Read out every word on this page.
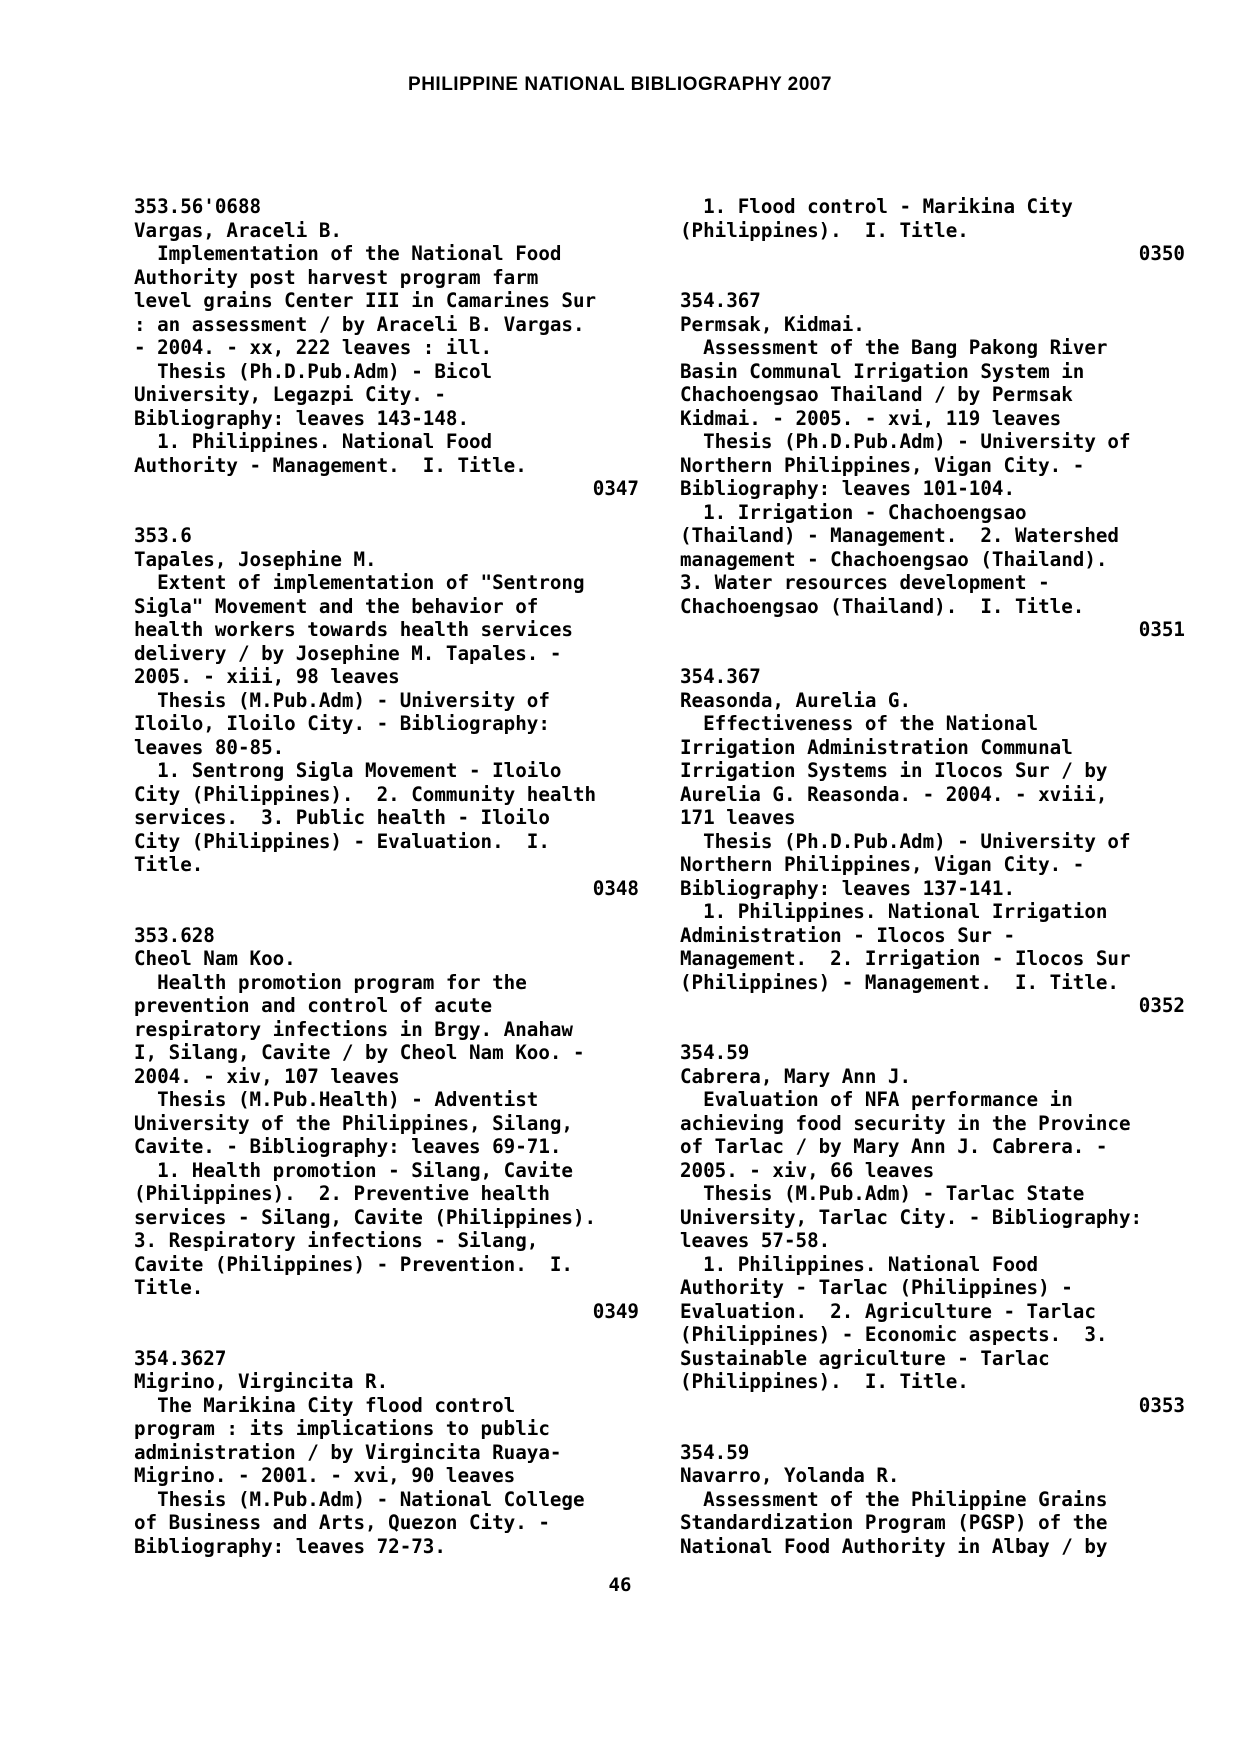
PHILIPPINE NATIONAL BIBLIOGRAPHY 2007
353.56'0688
Vargas, Araceli B.
Implementation of the National Food
Authority post harvest program farm
level grains Center III in Camarines Sur
: an assessment / by Araceli B. Vargas.
- 2004. - xx, 222 leaves : ill.
Thesis (Ph.D.Pub.Adm) - Bicol
University, Legazpi City. -
Bibliography: leaves 143-148.
1. Philippines. National Food
Authority - Management.  I. Title.
0347
353.6
Tapales, Josephine M.
Extent of implementation of "Sentrong
Sigla" Movement and the behavior of
health workers towards health services
delivery / by Josephine M. Tapales. -
2005. - xiii, 98 leaves
Thesis (M.Pub.Adm) - University of
Iloilo, Iloilo City. - Bibliography:
leaves 80-85.
1. Sentrong Sigla Movement - Iloilo
City (Philippines).  2. Community health
services.  3. Public health - Iloilo
City (Philippines) - Evaluation.  I.
Title.
0348
353.628
Cheol Nam Koo.
Health promotion program for the
prevention and control of acute
respiratory infections in Brgy. Anahaw
I, Silang, Cavite / by Cheol Nam Koo. -
2004. - xiv, 107 leaves
Thesis (M.Pub.Health) - Adventist
University of the Philippines, Silang,
Cavite. - Bibliography: leaves 69-71.
1. Health promotion - Silang, Cavite
(Philippines).  2. Preventive health
services - Silang, Cavite (Philippines).
3. Respiratory infections - Silang,
Cavite (Philippines) - Prevention.  I.
Title.
0349
354.3627
Migrino, Virgincita R.
The Marikina City flood control
program : its implications to public
administration / by Virgincita Ruaya-
Migrino. - 2001. - xvi, 90 leaves
Thesis (M.Pub.Adm) - National College
of Business and Arts, Quezon City. -
Bibliography: leaves 72-73.
1. Flood control - Marikina City
(Philippines).  I. Title.
0350
354.367
Permsak, Kidmai.
Assessment of the Bang Pakong River
Basin Communal Irrigation System in
Chachoengsao Thailand / by Permsak
Kidmai. - 2005. - xvi, 119 leaves
Thesis (Ph.D.Pub.Adm) - University of
Northern Philippines, Vigan City. -
Bibliography: leaves 101-104.
1. Irrigation - Chachoengsao
(Thailand) - Management.  2. Watershed
management - Chachoengsao (Thailand).
3. Water resources development -
Chachoengsao (Thailand).  I. Title.
0351
354.367
Reasonda, Aurelia G.
Effectiveness of the National
Irrigation Administration Communal
Irrigation Systems in Ilocos Sur / by
Aurelia G. Reasonda. - 2004. - xviii,
171 leaves
Thesis (Ph.D.Pub.Adm) - University of
Northern Philippines, Vigan City. -
Bibliography: leaves 137-141.
1. Philippines. National Irrigation
Administration - Ilocos Sur -
Management.  2. Irrigation - Ilocos Sur
(Philippines) - Management.  I. Title.
0352
354.59
Cabrera, Mary Ann J.
Evaluation of NFA performance in
achieving food security in the Province
of Tarlac / by Mary Ann J. Cabrera. -
2005. - xiv, 66 leaves
Thesis (M.Pub.Adm) - Tarlac State
University, Tarlac City. - Bibliography:
leaves 57-58.
1. Philippines. National Food
Authority - Tarlac (Philippines) -
Evaluation.  2. Agriculture - Tarlac
(Philippines) - Economic aspects.  3.
Sustainable agriculture - Tarlac
(Philippines).  I. Title.
0353
354.59
Navarro, Yolanda R.
Assessment of the Philippine Grains
Standardization Program (PGSP) of the
National Food Authority in Albay / by
46
